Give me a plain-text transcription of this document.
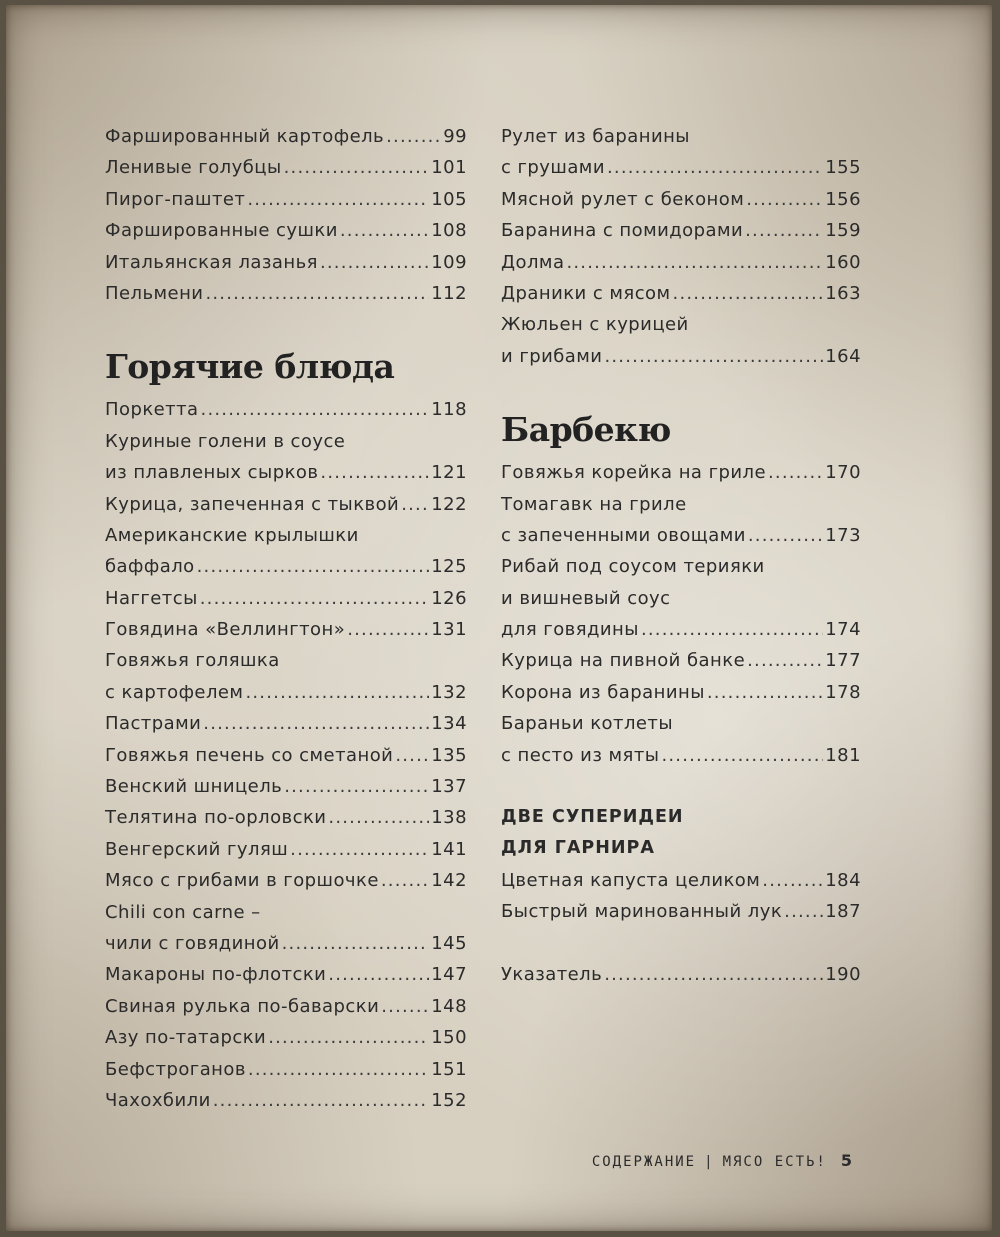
Фаршированный картофель .....	99
Ленивые голубцы .....	101
Пирог-паштет .....	105
Фаршированные сушки .....	108
Итальянская лазанья .....	109
Пельмени .....	112
Горячие блюда
Поркетта .....	118
Куриные голени в соусе
из плавленых сырков .....	121
Курица, запеченная с тыквой ..... 122
Американские крылышки
баффало .....	125
Наггетсы .....	126
Говядина «Веллингтон» .....	131
Говяжья голяшка
с картофелем .....	132
Пастрами .....	134
Говяжья печень со сметаной ..... 135
Венский шницель .....	137
Телятина по-орловски .....	138
Венгерский гуляш .....	141
Мясо с грибами в горшочке .....	142
Chili con carne –
чили с говядиной .....	145
Макароны по-флотски .....	147
Свиная рулька по-баварски .....	148
Азу по-татарски .....	150
Бефстроганов .....	151
Чахохбили .....	152
Рулет из баранины
с грушами .....	155
Мясной рулет с беконом .....	156
Баранина с помидорами .....	159
Долма .....	160
Драники с мясом .....	163
Жюльен с курицей
и грибами .....	164
Барбекю
Говяжья корейка на гриле .....	170
Томагавк на гриле
с запеченными овощами .....	173
Рибай под соусом терияки
и вишневый соус
для говядины .....	174
Курица на пивной банке .....	177
Корона из баранины .....	178
Бараньи котлеты
с песто из мяты .....	181
ДВЕ СУПЕРИДЕИ
ДЛЯ ГАРНИРА
Цветная капуста целиком .....	184
Быстрый маринованный лук ..... 187
Указатель .....	190
СОДЕРЖАНИЕ | МЯСО ЕСТЬ! 5
